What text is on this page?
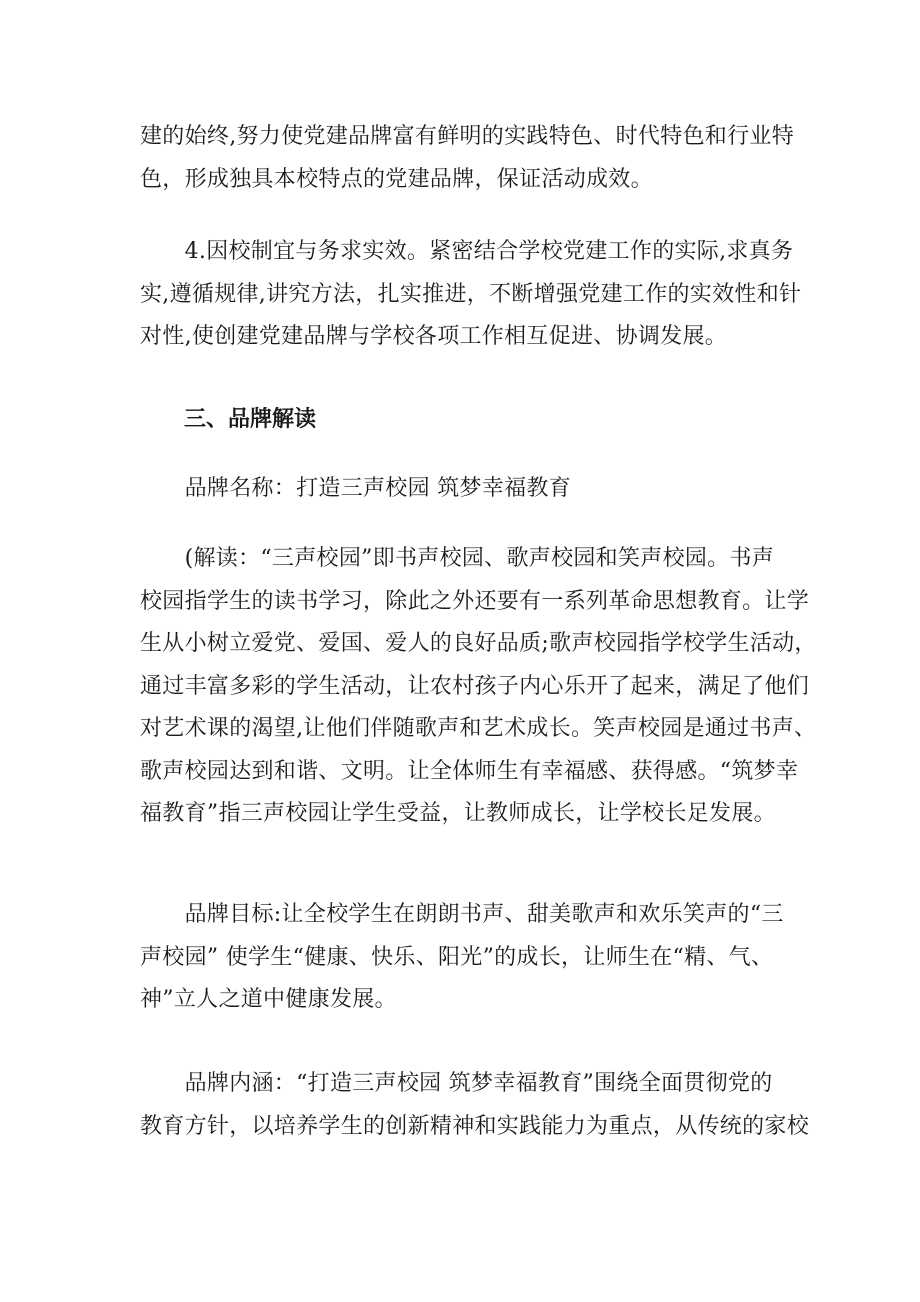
建的始终,努力使党建品牌富有鲜明的实践特色、时代特色和行业特
色，形成独具本校特点的党建品牌，保证活动成效。

　　4.因校制宜与务求实效。紧密结合学校党建工作的实际,求真务
实,遵循规律,讲究方法，扎实推进，不断增强党建工作的实效性和针
对性,使创建党建品牌与学校各项工作相互促进、协调发展。

三、品牌解读

　　品牌名称：打造三声校园 筑梦幸福教育

　　(解读：“三声校园”即书声校园、歌声校园和笑声校园。书声
校园指学生的读书学习，除此之外还要有一系列革命思想教育。让学
生从小树立爱党、爱国、爱人的良好品质;歌声校园指学校学生活动，
通过丰富多彩的学生活动，让农村孩子内心乐开了起来，满足了他们
对艺术课的渴望,让他们伴随歌声和艺术成长。笑声校园是通过书声、
歌声校园达到和谐、文明。让全体师生有幸福感、获得感。“筑梦幸
福教育”指三声校园让学生受益，让教师成长，让学校长足发展。

　　品牌目标:让全校学生在朗朗书声、甜美歌声和欢乐笑声的“三
声校园” 使学生“健康、快乐、阳光”的成长，让师生在“精、气、
神”立人之道中健康发展。

　　品牌内涵：“打造三声校园 筑梦幸福教育”围绕全面贯彻党的
教育方针，以培养学生的创新精神和实践能力为重点，从传统的家校
